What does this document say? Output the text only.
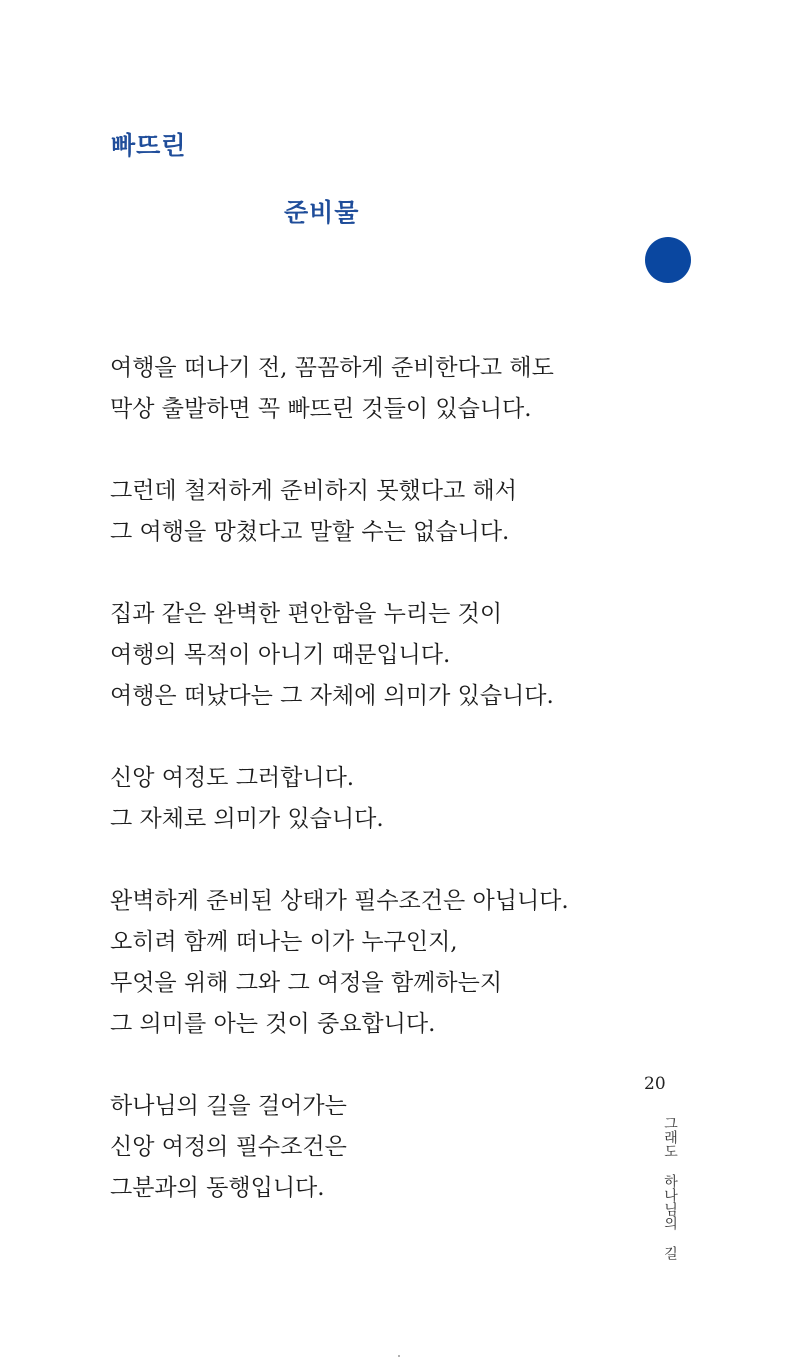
빠뜨린
준비물

여행을 떠나기 전, 꼼꼼하게 준비한다고 해도
막상 출발하면 꼭 빠뜨린 것들이 있습니다.

그런데 철저하게 준비하지 못했다고 해서
그 여행을 망쳤다고 말할 수는 없습니다.

집과 같은 완벽한 편안함을 누리는 것이
여행의 목적이 아니기 때문입니다.
여행은 떠났다는 그 자체에 의미가 있습니다.

신앙 여정도 그러합니다.
그 자체로 의미가 있습니다.

완벽하게 준비된 상태가 필수조건은 아닙니다.
오히려 함께 떠나는 이가 누구인지,
무엇을 위해 그와 그 여정을 함께하는지
그 의미를 아는 것이 중요합니다.

하나님의 길을 걸어가는
신앙 여정의 필수조건은
그분과의 동행입니다.

20
그래도 하나님의 길
